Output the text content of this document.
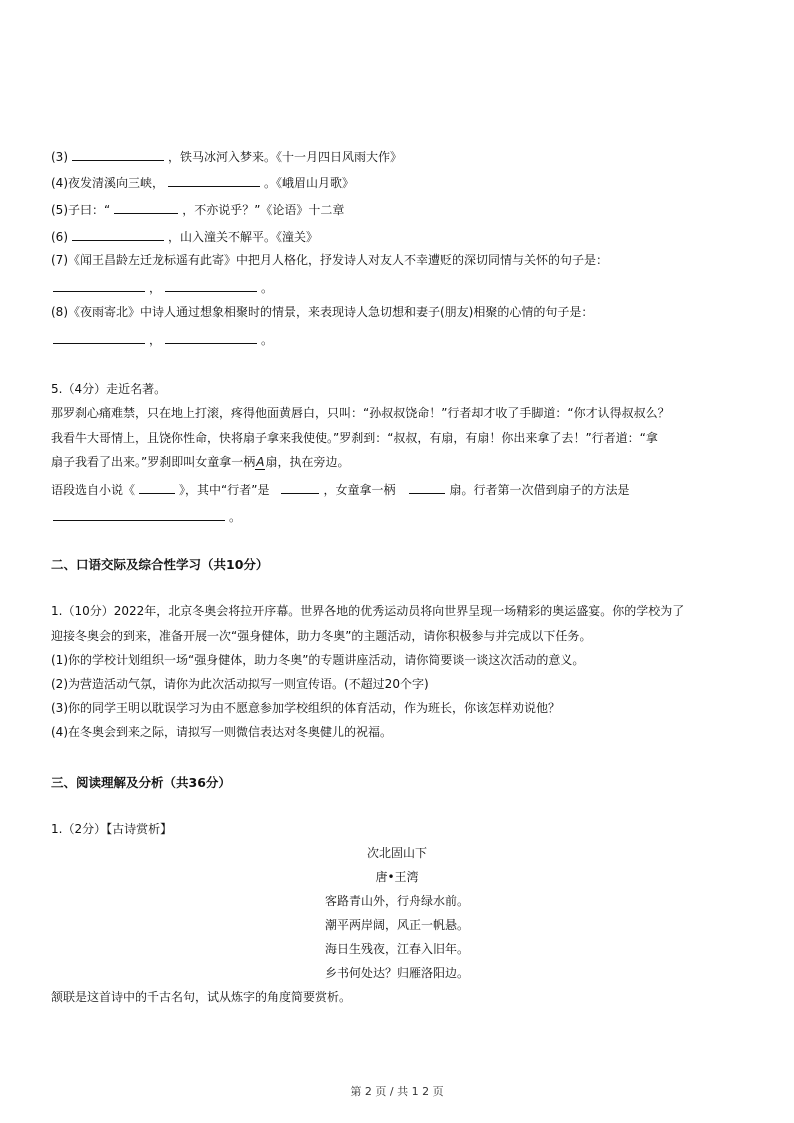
(3)	，铁马冰河入梦来。《十一月四日风雨大作》
(4)夜发清溪向三峡，	。《峨眉山月歌》
(5)子曰：“	，不亦说乎？”《论语》十二章
(6)	，山入潼关不解平。《潼关》
(7)《闻王昌龄左迁龙标遥有此寄》中把月人格化，抒发诗人对友人不幸遭贬的深切同情与关怀的句子是：
，	。
(8)《夜雨寄北》中诗人通过想象相聚时的情景，来表现诗人急切想和妻子(朋友)相聚的心情的句子是：
，	。
5.（4分）走近名著。
那罗刹心痛难禁，只在地上打滚，疼得他面黄唇白，只叫：“孙叔叔饶命！”行者却才收了手脚道：“你才认得叔叔么？
我看牛大哥情上，且饶你性命，快将扇子拿来我使使。”罗刹到：“叔叔，有扇，有扇！你出来拿了去！”行者道：“拿
扇子我看了出来。”罗刹即叫女童拿一柄A扇，执在旁边。
语段选自小说《	》，其中“行者”是	，女童拿一柄	扇。行者第一次借到扇子的方法是
。
二、口语交际及综合性学习（共10分）
1.（10分）2022年，北京冬奥会将拉开序幕。世界各地的优秀运动员将向世界呈现一场精彩的奥运盛宴。你的学校为了
迎接冬奥会的到来，准备开展一次“强身健体，助力冬奥”的主题活动，请你积极参与并完成以下任务。
(1)你的学校计划组织一场“强身健体，助力冬奥”的专题讲座活动，请你简要谈一谈这次活动的意义。
(2)为营造活动气氛，请你为此次活动拟写一则宣传语。(不超过20个字)
(3)你的同学王明以耽误学习为由不愿意参加学校组织的体育活动，作为班长，你该怎样劝说他？
(4)在冬奥会到来之际，请拟写一则微信表达对冬奥健儿的祝福。
三、阅读理解及分析（共36分）
1.（2分）【古诗赏析】
次北固山下
唐•王湾
客路青山外，行舟绿水前。
潮平两岸阔，风正一帆悬。
海日生残夜，江春入旧年。
乡书何处达？归雁洛阳边。
颔联是这首诗中的千古名句，试从炼字的角度简要赏析。
第 2 页 / 共 1 2 页
